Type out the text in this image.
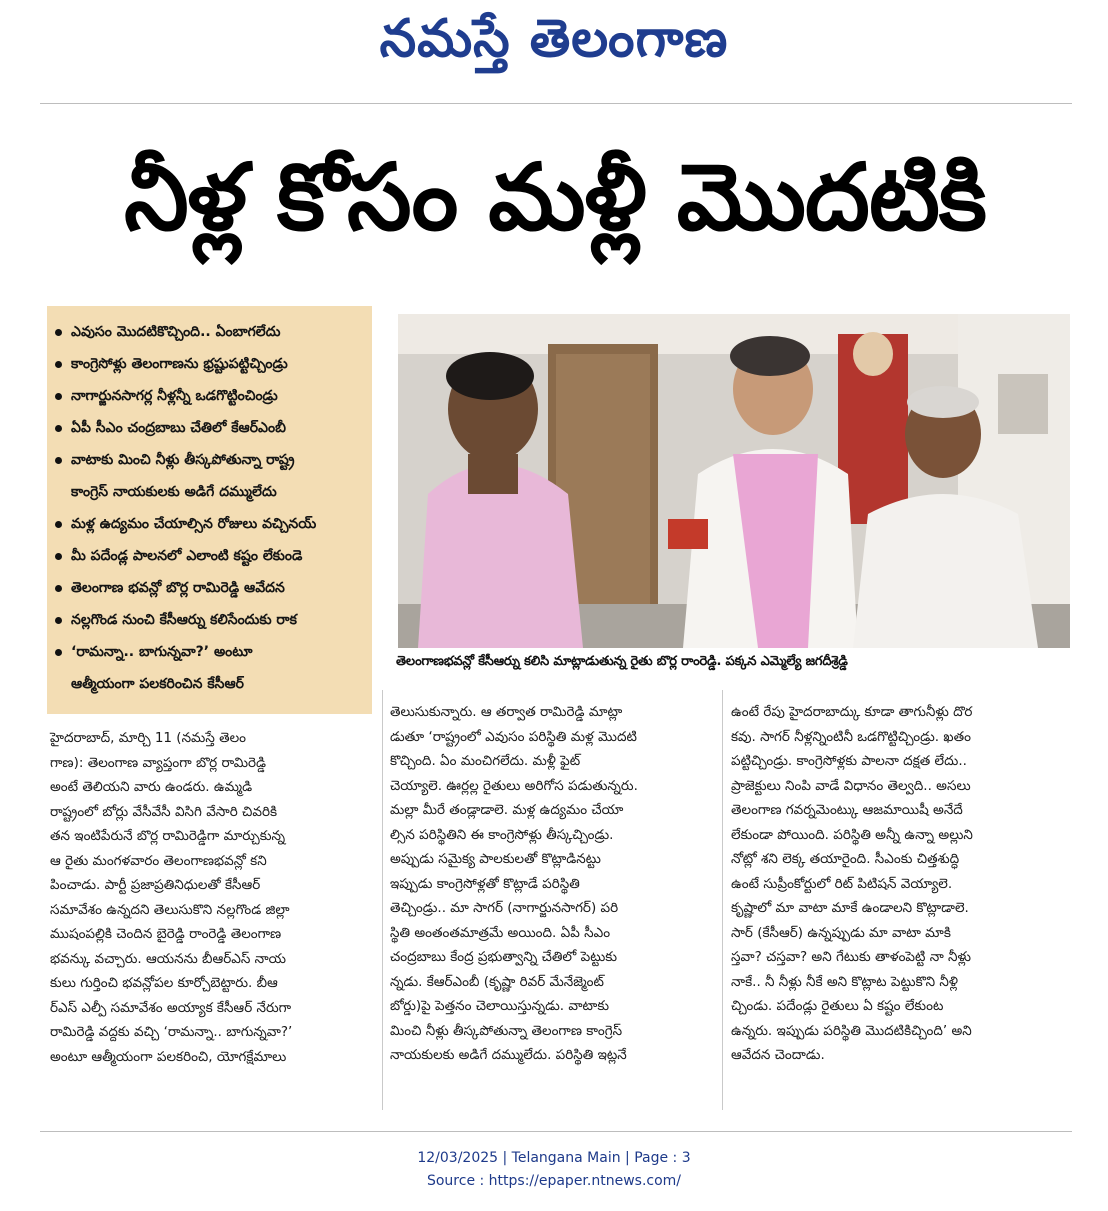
నమస్తే తెలంగాణ
నీళ్ల కోసం మళ్లీ మొదటికి
ఎవుసం మొదటికొచ్చింది.. ఏంబాగలేదు
కాంగ్రెసోళ్లు తెలంగాణను భ్రష్టుపట్టిచ్చిండ్రు
నాగార్జునసాగర్ల నీళ్లన్నీ ఒడగొట్టించిండ్రు
ఏపీ సీఎం చంద్రబాబు చేతిలో కేఆర్ఎంబీ
వాటాకు మించి నీళ్లు తీస్కపోతున్నా రాష్ట్ర
కాంగ్రెస్ నాయకులకు అడిగే దమ్ములేదు
మళ్ల ఉద్యమం చేయాల్సిన రోజులు వచ్చినయ్
మీ పదేండ్ల పాలనలో ఎలాంటి కష్టం లేకుండె
తెలంగాణ భవన్లో బొర్ల రామిరెడ్డి ఆవేదన
నల్లగొండ నుంచి కేసీఆర్ను కలిసేందుకు రాక
‘రామన్నా.. బాగున్నవా?’ అంటూ
ఆత్మీయంగా పలకరించిన కేసీఆర్
తెలంగాణభవన్లో కేసీఆర్ను కలిసి మాట్లాడుతున్న రైతు బొర్ల రాంరెడ్డి. పక్కన ఎమ్మెల్యే జగదీశ్రెడ్డి
హైదరాబాద్, మార్చి 11 (నమస్తే తెలం
గాణ): తెలంగాణ వ్యాప్తంగా బొర్ల రామిరెడ్డి
అంటే తెలియని వారు ఉండరు. ఉమ్మడి
రాష్ట్రంలో బోర్లు వేసీవేసీ విసిగి వేసారి చివరికి
తన ఇంటిపేరునే బొర్ల రామిరెడ్డిగా మార్చుకున్న
ఆ రైతు మంగళవారం తెలంగాణభవన్లో కని
పించాడు. పార్టీ ప్రజాప్రతినిధులతో కేసీఆర్
సమావేశం ఉన్నదని తెలుసుకొని నల్లగొండ జిల్లా
ముషంపల్లికి చెందిన బైరెడ్డి రాంరెడ్డి తెలంగాణ
భవన్కు వచ్చారు. ఆయనను బీఆర్ఎస్ నాయ
కులు గుర్తించి భవన్లోపల కూర్చోబెట్టారు. బీఆ
ర్ఎస్ ఎల్పీ సమావేశం అయ్యాక కేసీఆర్ నేరుగా
రామిరెడ్డి వద్దకు వచ్చి ‘రామన్నా.. బాగున్నవా?’
అంటూ ఆత్మీయంగా పలకరించి, యోగక్షేమాలు
తెలుసుకున్నారు. ఆ తర్వాత రామిరెడ్డి మాట్లా
డుతూ ‘రాష్ట్రంలో ఎవుసం పరిస్థితి మళ్ల మొదటి
కొచ్చింది. ఏం మంచిగలేదు. మళ్లీ ఫైట్
చెయ్యాలె. ఊర్లల్ల రైతులు అరిగోస పడుతున్నరు.
మల్లా మీరే తండ్లాడాలె. మళ్ల ఉద్యమం చేయా
ల్సిన పరిస్థితిని ఈ కాంగ్రెసోళ్లు తీస్కచ్చిండ్రు.
అప్పుడు సమైక్య పాలకులతో కొట్లాడినట్టు
ఇప్పుడు కాంగ్రెసోళ్లతో కొట్లాడే పరిస్థితి
తెచ్చిండ్రు.. మా సాగర్ (నాగార్జునసాగర్) పరి
స్థితి అంతంతమాత్రమే అయింది. ఏపీ సీఎం
చంద్రబాబు కేంద్ర ప్రభుత్వాన్ని చేతిలో పెట్టుకు
న్నడు. కేఆర్ఎంబీ (కృష్ణా రివర్ మేనేజ్మెంట్
బోర్డు)పై పెత్తనం చెలాయిస్తున్నడు. వాటాకు
మించి నీళ్లు తీస్కపోతున్నా తెలంగాణ కాంగ్రెస్
నాయకులకు అడిగే దమ్ములేదు. పరిస్థితి ఇట్లనే
ఉంటే రేపు హైదరాబాద్కు కూడా తాగునీళ్లు దొర
కవు. సాగర్ నీళ్లన్నింటినీ ఒడగొట్టిచ్చిండ్రు. ఖతం
పట్టిచ్చిండ్రు. కాంగ్రెసోళ్లకు పాలనా దక్షత లేదు..
ప్రాజెక్టులు నింపి వాడే విధానం తెల్వది.. అసలు
తెలంగాణ గవర్నమెంట్కు ఆజమాయిషీ అనేదే
లేకుండా పోయింది. పరిస్థితి అన్నీ ఉన్నా అల్లుని
నోట్లో శని లెక్క తయారైంది. సీఎంకు చిత్తశుద్ధి
ఉంటే సుప్రీంకోర్టులో రిట్ పిటిషన్ వెయ్యాలె.
కృష్ణాలో మా వాటా మాకే ఉండాలని కొట్లాడాలె.
సార్ (కేసీఆర్) ఉన్నప్పుడు మా వాటా మాకి
స్తవా? చస్తవా? అని గేటుకు తాళంపెట్టి నా నీళ్లు
నాకే.. నీ నీళ్లు నీకే అని కొట్లాట పెట్టుకొని నీళ్లి
చ్చిండు. పదేండ్లు రైతులు ఏ కష్టం లేకుంట
ఉన్నరు. ఇప్పుడు పరిస్థితి మొదటికిచ్చింది’ అని
ఆవేదన చెందాడు.
12/03/2025 | Telangana Main | Page : 3
Source : https://epaper.ntnews.com/
